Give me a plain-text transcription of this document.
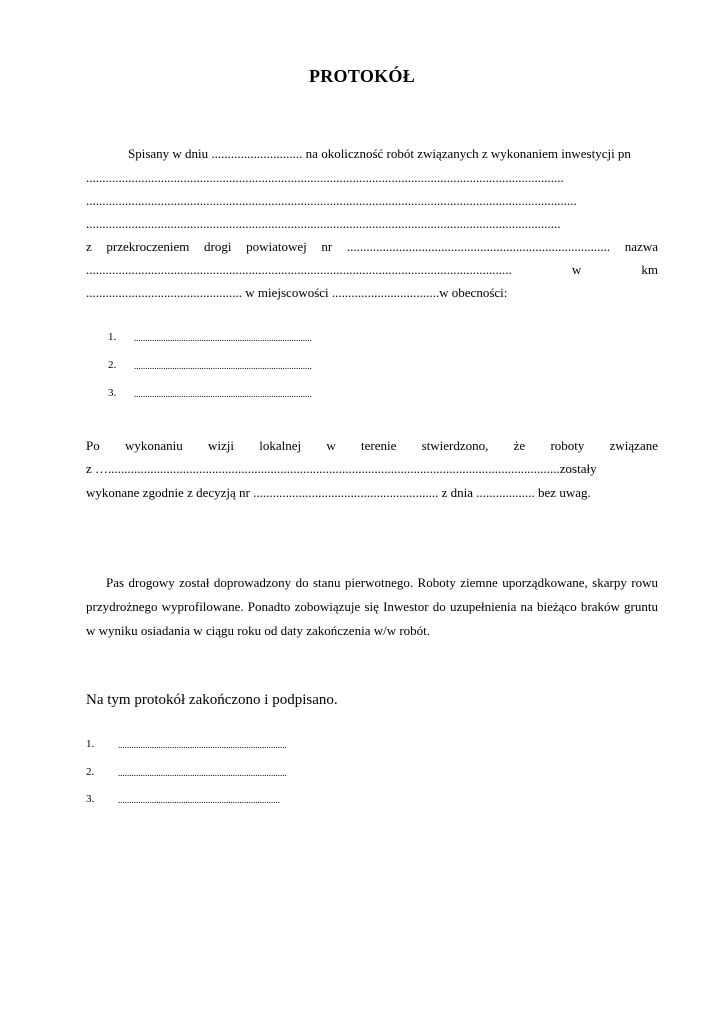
PROTOKÓŁ
Spisany w dniu ............................ na okoliczność robót związanych z wykonaniem inwestycji pn
...................................................................................................................................................
.......................................................................................................................................................
..................................................................................................................................................
z przekroczeniem drogi powiatowej nr ................................................................................. nazwa
................................................................................................................................... w km
................................................ w miejscowości .................................w obecności:
1. ...............................................................................
2. ...............................................................................
3. ...............................................................................
Po wykonaniu wizji lokalnej w terenie stwierdzono, że roboty związane
z …...........................................................................................................................................zostały
wykonane zgodnie z decyzją nr ......................................................... z dnia .................. bez uwag.
Pas drogowy został doprowadzony do stanu pierwotnego. Roboty ziemne uporządkowane, skarpy rowu przydrożnego wyprofilowane. Ponadto zobowiązuje się Inwestor do uzupełnienia na bieżąco braków gruntu w wyniku osiadania w ciągu roku od daty zakończenia w/w robót.
Na tym protokół zakończono i podpisano.
1.	...........................................................................
2.	...........................................................................
3.	........................................................................
